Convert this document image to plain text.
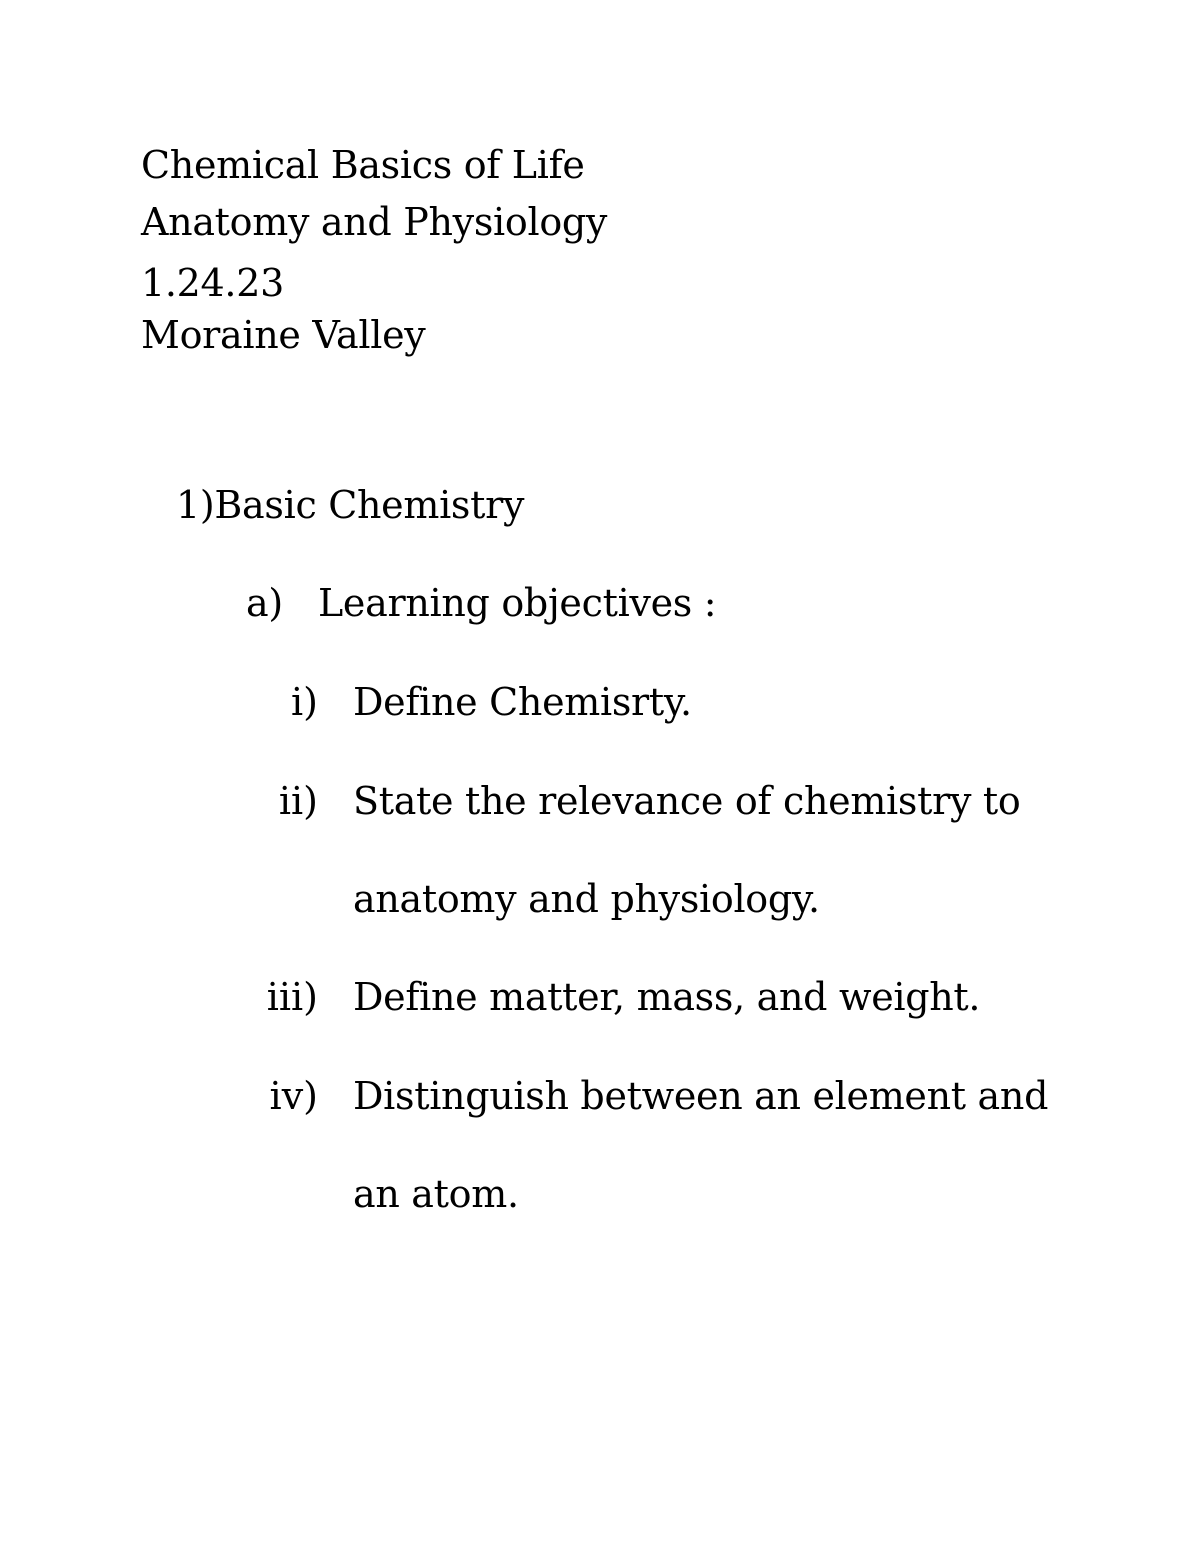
Chemical Basics of Life
Anatomy and Physiology
1.24.23
Moraine Valley
1)Basic Chemistry
a) Learning objectives :
i) Define Chemisrty.
ii) State the relevance of chemistry to
anatomy and physiology.
iii) Define matter, mass, and weight.
iv) Distinguish between an element and
an atom.
